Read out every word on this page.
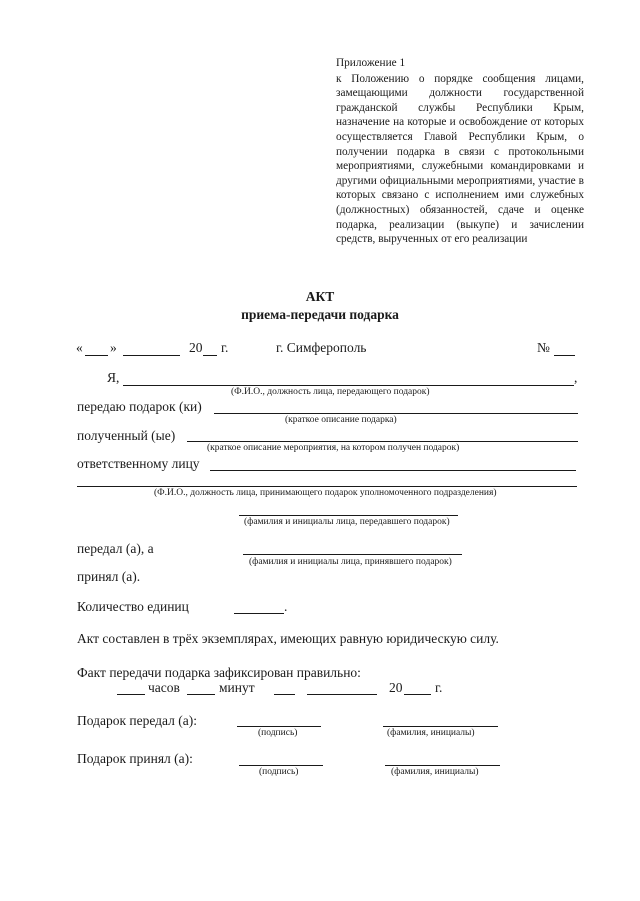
Приложение 1
к Положению о порядке сообщения лицами, замещающими должности государственной гражданской службы Республики Крым, назначение на которые и освобождение от которых осуществляется Главой Республики Крым, о получении подарка в связи с протокольными мероприятиями, служебными командировками и другими официальными мероприятиями, участие в которых связано с исполнением ими служебных (должностных) обязанностей, сдаче и оценке подарка, реализации (выкупе) и зачислении средств, вырученных от его реализации
АКТ
приема-передачи подарка
« »	20 г.	г. Симферополь	№
Я,	,
(Ф.И.О., должность лица, передающего подарок)
передаю подарок (ки)
(краткое описание подарка)
полученный (ые)
(краткое описание мероприятия, на котором получен подарок)
ответственному лицу
(Ф.И.О., должность лица, принимающего подарок уполномоченного подразделения)
(фамилия и инициалы лица, передавшего подарок)
передал (а), а
(фамилия и инициалы лица, принявшего подарок)
принял (а).
Количество единиц	.
Акт составлен в трёх экземплярах, имеющих равную юридическую силу.
Факт передачи подарка зафиксирован правильно:
часов	минут	20 г.
Подарок передал (а):
(подпись)	(фамилия, инициалы)
Подарок принял (а):
(подпись)	(фамилия, инициалы)
